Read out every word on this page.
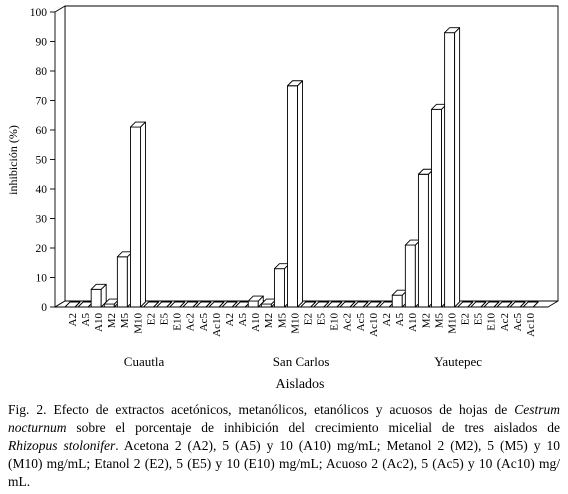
0
10
20
30
40
50
60
70
80
90
100
A2 A5 A10 M2 M5 M10 E2 E5 E10 Ac2 Ac5 Ac10
Cuautla
A2 A5 A10 M2 M5 M10 E2 E5 E10 Ac2 Ac5 Ac10
San Carlos
A2 A5 A10 M2 M5 M10 E2 E5 E10 Ac2 Ac5 Ac10
Yautepec
inhibición (%)
Aislados
Fig. 2. Efecto de extractos acetónicos, metanólicos, etanólicos y acuosos de hojas de Cestrum
nocturnum sobre el porcentaje de inhibición del crecimiento micelial de tres aislados de
Rhizopus stolonifer. Acetona 2 (A2), 5 (A5) y 10 (A10) mg/mL; Metanol 2 (M2), 5 (M5) y 10
(M10) mg/mL; Etanol 2 (E2), 5 (E5) y 10 (E10) mg/mL; Acuoso 2 (Ac2), 5 (Ac5) y 10 (Ac10) mg/
mL.
